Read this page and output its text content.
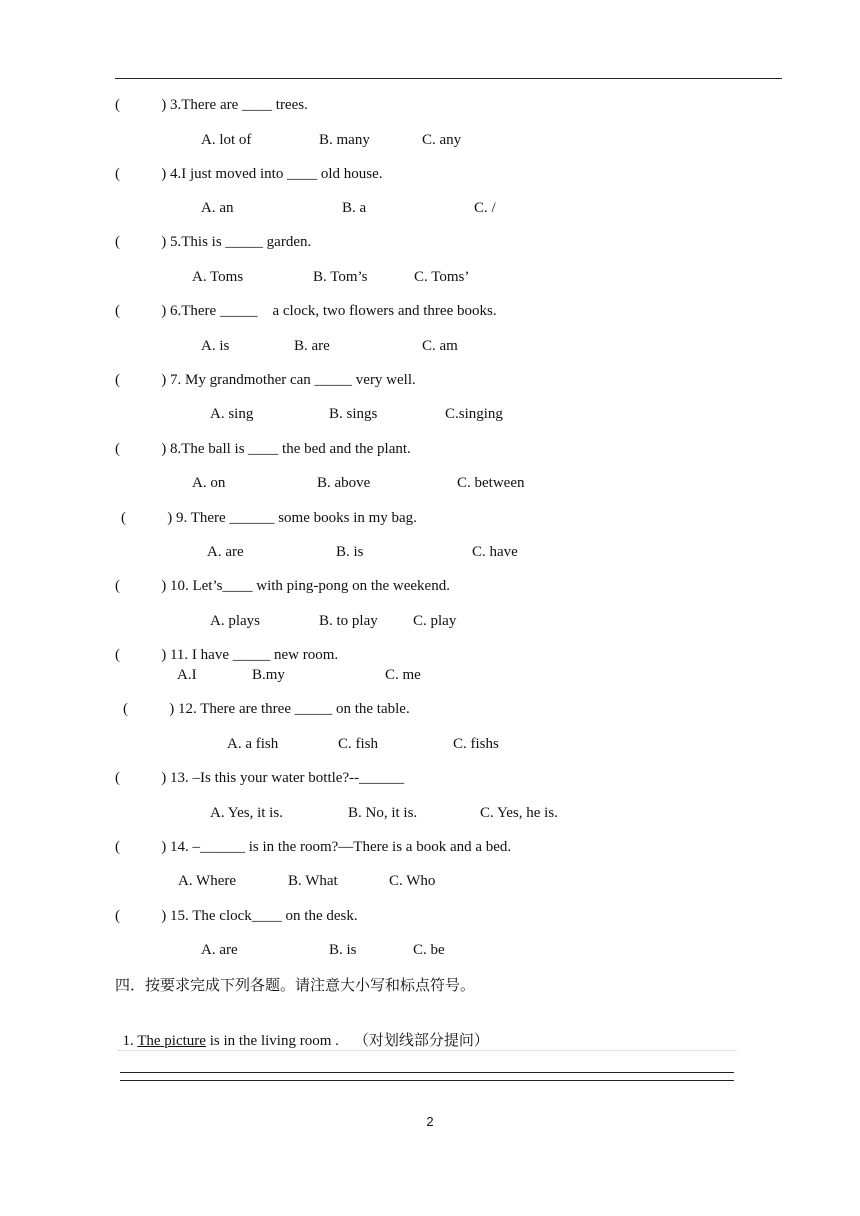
(           ) 3.There are ____ trees.
A. lot of	B. many	C. any
(           ) 4.I just moved into ____ old house.
A. an	B. a	C. /
(           ) 5.This is _____ garden.
A. Toms	B. Tom’s	C. Toms’
(           ) 6.There _____    a clock, two flowers and three books.
A. is	B. are	C. am
(           ) 7. My grandmother can _____ very well.
A. sing	B. sings	C.singing
(           ) 8.The ball is ____ the bed and the plant.
A. on	B. above	C. between
(           ) 9. There ______ some books in my bag.
A. are	B. is	C. have
(           ) 10. Let’s____ with ping-pong on the weekend.
A. plays	B. to play C. play
(           ) 11. I have _____ new room.
A.I	B.my	C. me
(           ) 12. There are three _____ on the table.
A. a fish	C. fish	C. fishs
(           ) 13. –Is this your water bottle?--______
A. Yes, it is.	B. No, it is.	C. Yes, he is.
(           ) 14. –______ is in the room?—There is a book and a bed.
A. Where	B. What	C. Who
(           ) 15. The clock____ on the desk.
A. are	B. is	C. be
四．按要求完成下列各题。请注意大小写和标点符号。

1. The picture is in the living room .    （对划线部分提问）

2
